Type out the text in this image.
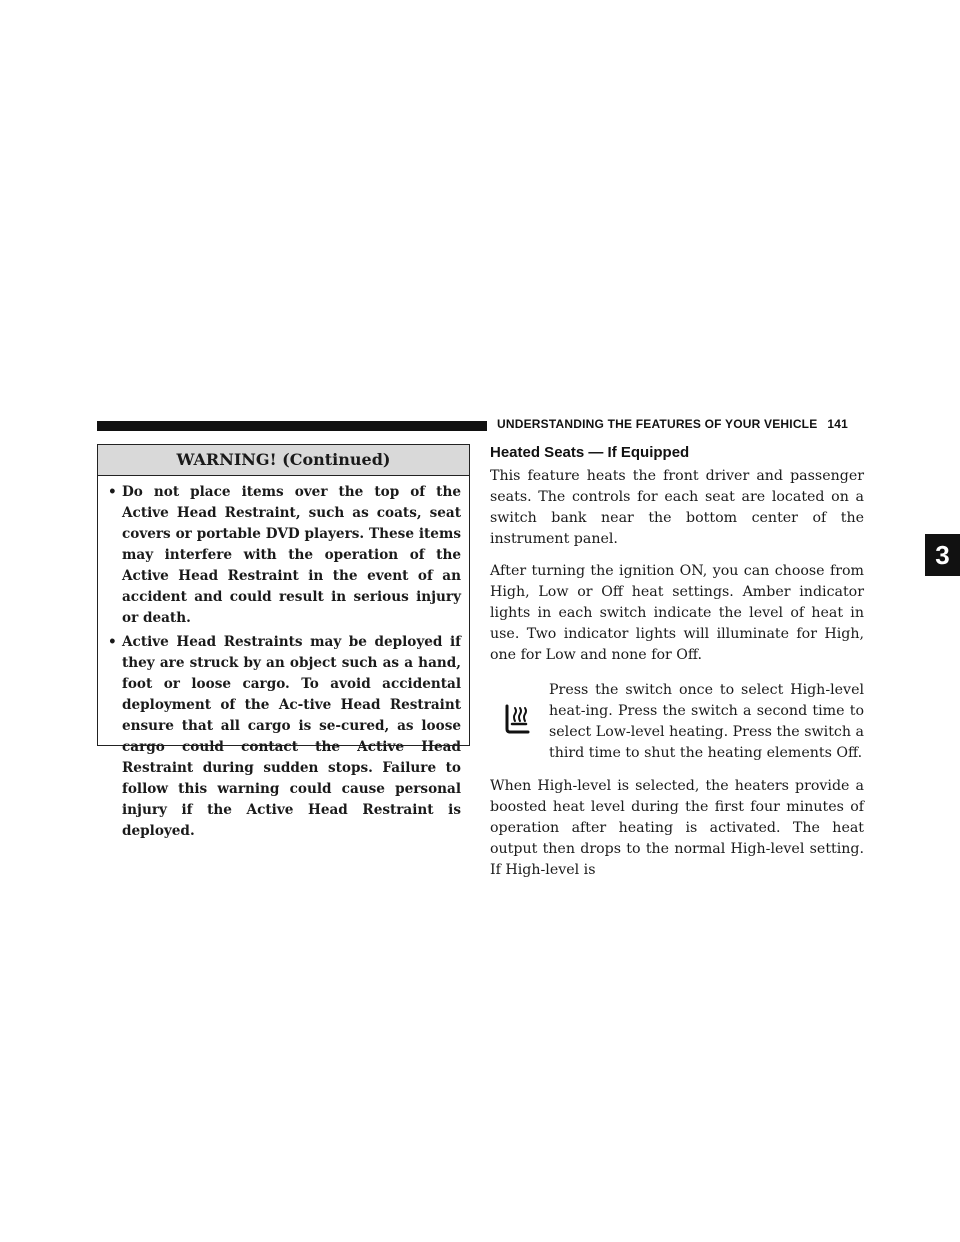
UNDERSTANDING THE FEATURES OF YOUR VEHICLE 141
3
WARNING! (Continued)
• Do not place items over the top of the Active Head Restraint, such as coats, seat covers or portable DVD players. These items may interfere with the operation of the Active Head Restraint in the event of an accident and could result in serious injury or death.
• Active Head Restraints may be deployed if they are struck by an object such as a hand, foot or loose cargo. To avoid accidental deployment of the Ac-tive Head Restraint ensure that all cargo is se-cured, as loose cargo could contact the Active Head Restraint during sudden stops. Failure to follow this warning could cause personal injury if the Active Head Restraint is deployed.
Heated Seats — If Equipped

This feature heats the front driver and passenger seats. The controls for each seat are located on a switch bank near the bottom center of the instrument panel.

After turning the ignition ON, you can choose from High, Low or Off heat settings. Amber indicator lights in each switch indicate the level of heat in use. Two indicator lights will illuminate for High, one for Low and none for Off.

Press the switch once to select High-level heat-ing. Press the switch a second time to select Low-level heating. Press the switch a third time to shut the heating elements Off.

When High-level is selected, the heaters provide a boosted heat level during the first four minutes of operation after heating is activated. The heat output then drops to the normal High-level setting. If High-level is
